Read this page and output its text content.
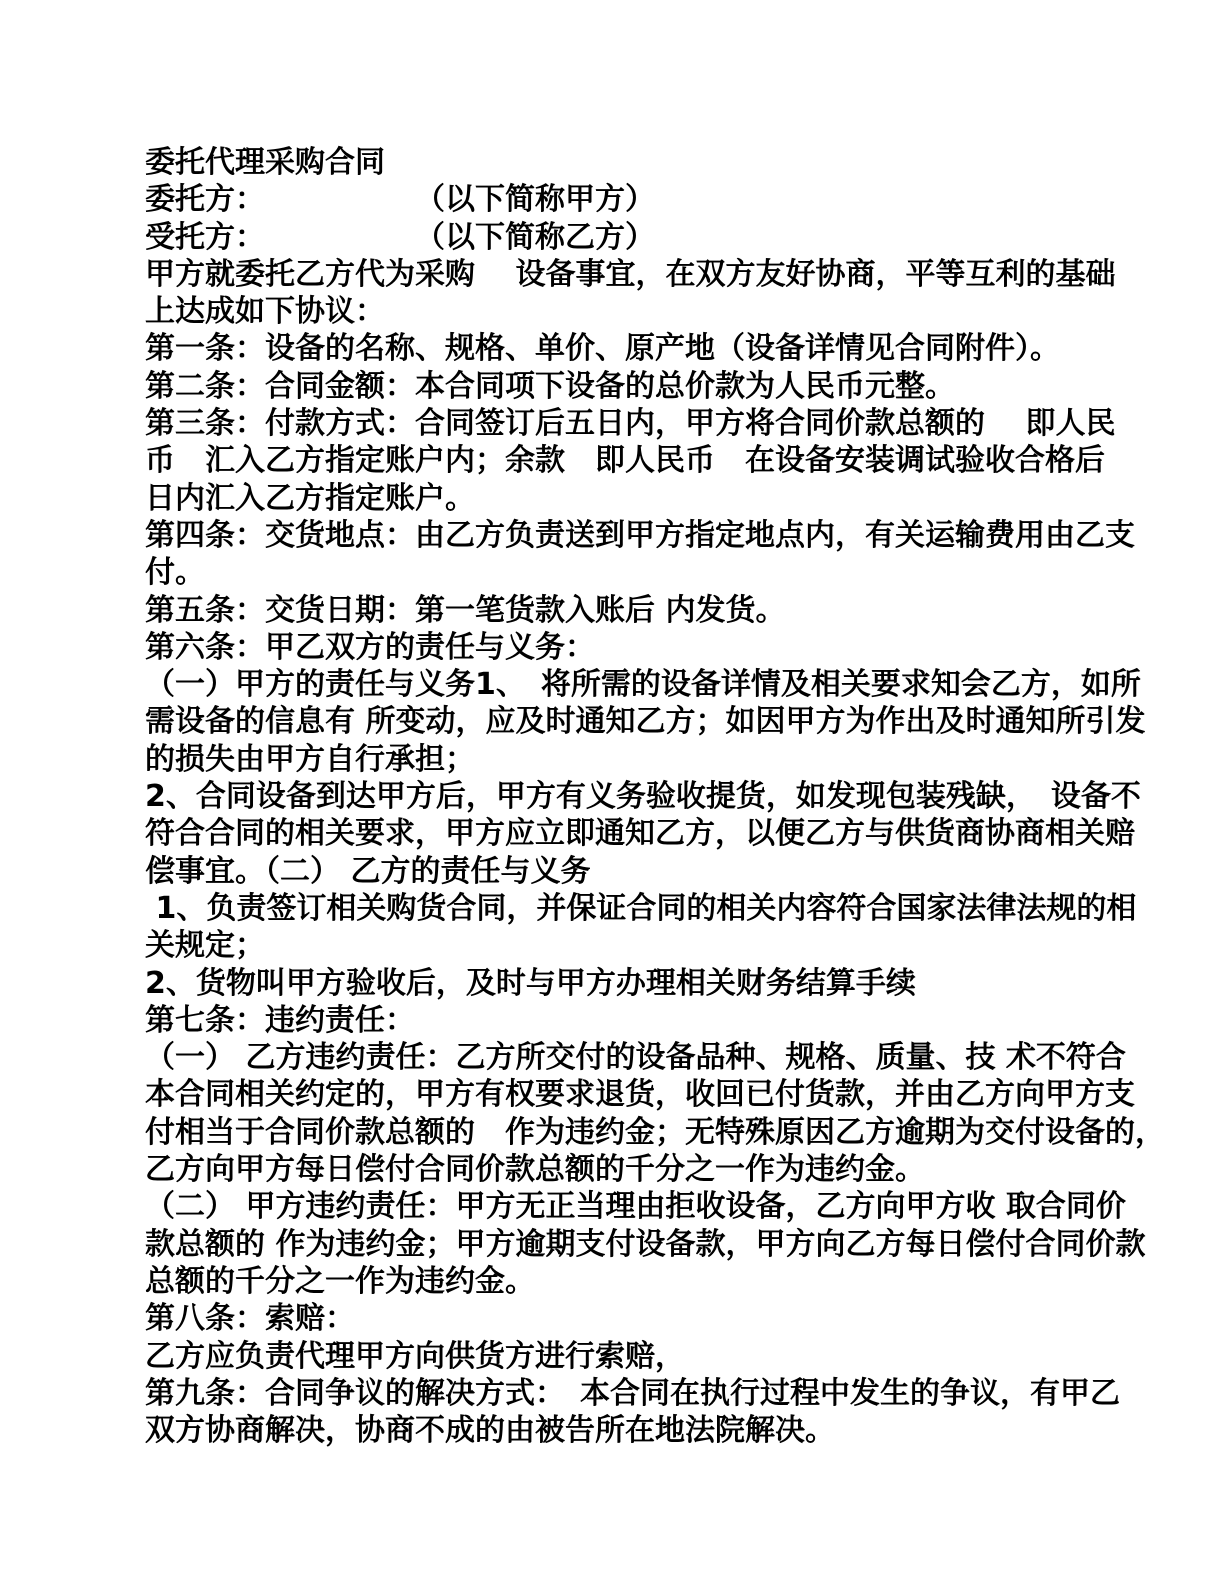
委托代理采购合同
委托方：　　　　　　（以下简称甲方）
受托方：　　　　　　（以下简称乙方）
甲方就委托乙方代为采购　 设备事宜，在双方友好协商，平等互利的基础
上达成如下协议：
第一条：设备的名称、规格、单价、原产地（设备详情见合同附件）。
第二条：合同金额：本合同项下设备的总价款为人民币元整。
第三条：付款方式：合同签订后五日内，甲方将合同价款总额的　 即人民
币　汇入乙方指定账户内；余款　即人民币　在设备安装调试验收合格后
日内汇入乙方指定账户。
第四条：交货地点：由乙方负责送到甲方指定地点内，有关运输费用由乙支
付。
第五条：交货日期：第一笔货款入账后 内发货。
第六条：甲乙双方的责任与义务：
（一）甲方的责任与义务1、　将所需的设备详情及相关要求知会乙方，如所
需设备的信息有 所变动，应及时通知乙方；如因甲方为作出及时通知所引发
的损失由甲方自行承担；
2、合同设备到达甲方后，甲方有义务验收提货，如发现包装残缺，　设备不
符合合同的相关要求，甲方应立即通知乙方，以便乙方与供货商协商相关赔
偿事宜。（二） 乙方的责任与义务
1、负责签订相关购货合同，并保证合同的相关内容符合国家法律法规的相
关规定；
2、货物叫甲方验收后，及时与甲方办理相关财务结算手续
第七条：违约责任：
（一） 乙方违约责任：乙方所交付的设备品种、规格、质量、技 术不符合
本合同相关约定的，甲方有权要求退货，收回已付货款，并由乙方向甲方支
付相当于合同价款总额的　作为违约金；无特殊原因乙方逾期为交付设备的，
乙方向甲方每日偿付合同价款总额的千分之一作为违约金。
（二） 甲方违约责任：甲方无正当理由拒收设备，乙方向甲方收 取合同价
款总额的 作为违约金；甲方逾期支付设备款，甲方向乙方每日偿付合同价款
总额的千分之一作为违约金。
第八条：索赔：
乙方应负责代理甲方向供货方进行索赔，
第九条：合同争议的解决方式：　本合同在执行过程中发生的争议，有甲乙
双方协商解决，协商不成的由被告所在地法院解决。
